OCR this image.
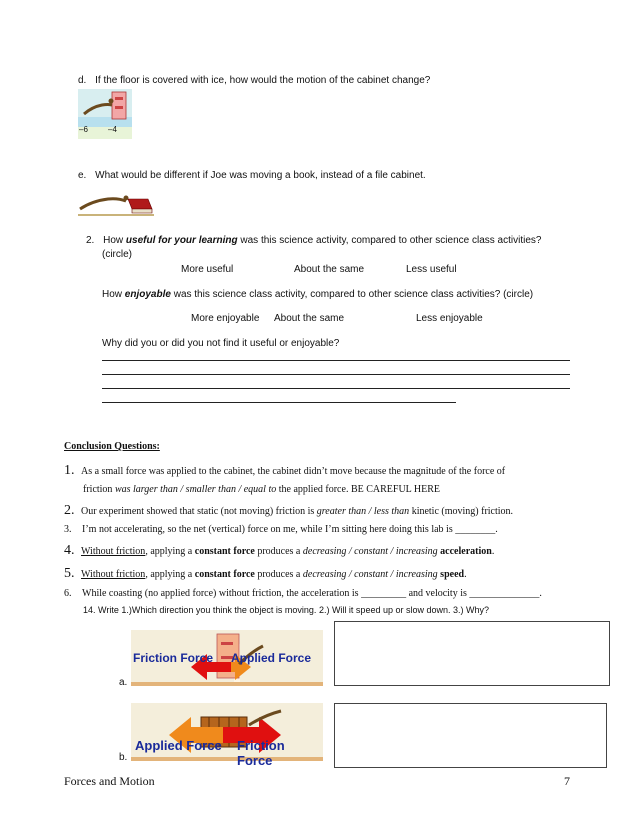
d. If the floor is covered with ice, how would the motion of the cabinet change?
–6	–4
e. What would be different if Joe was moving a book, instead of a file cabinet.
2. How useful for your learning was this science activity, compared to other science class activities?
(circle)
More useful	About the same	Less useful
How enjoyable was this science class activity, compared to other science class activities? (circle)
More enjoyable About the same	Less enjoyable
Why did you or did you not find it useful or enjoyable?
Conclusion Questions:
1. As a small force was applied to the cabinet, the cabinet didn’t move because the magnitude of the force of
friction was larger than / smaller than / equal to the applied force. BE CAREFUL HERE
2. Our experiment showed that static (not moving) friction is greater than / less than kinetic (moving) friction.
3. I’m not accelerating, so the net (vertical) force on me, while I’m sitting here doing this lab is ________.
4. Without friction, applying a constant force produces a decreasing / constant / increasing acceleration.
5. Without friction, applying a constant force produces a decreasing / constant / increasing speed.
6. While coasting (no applied force) without friction, the acceleration is _________ and velocity is ______________.
14. Write 1.)Which direction you think the object is moving. 2.) Will it speed up or slow down. 3.) Why?
Friction Force Applied Force
a.
Applied Force Friction Force
b.
Forces and Motion	7
